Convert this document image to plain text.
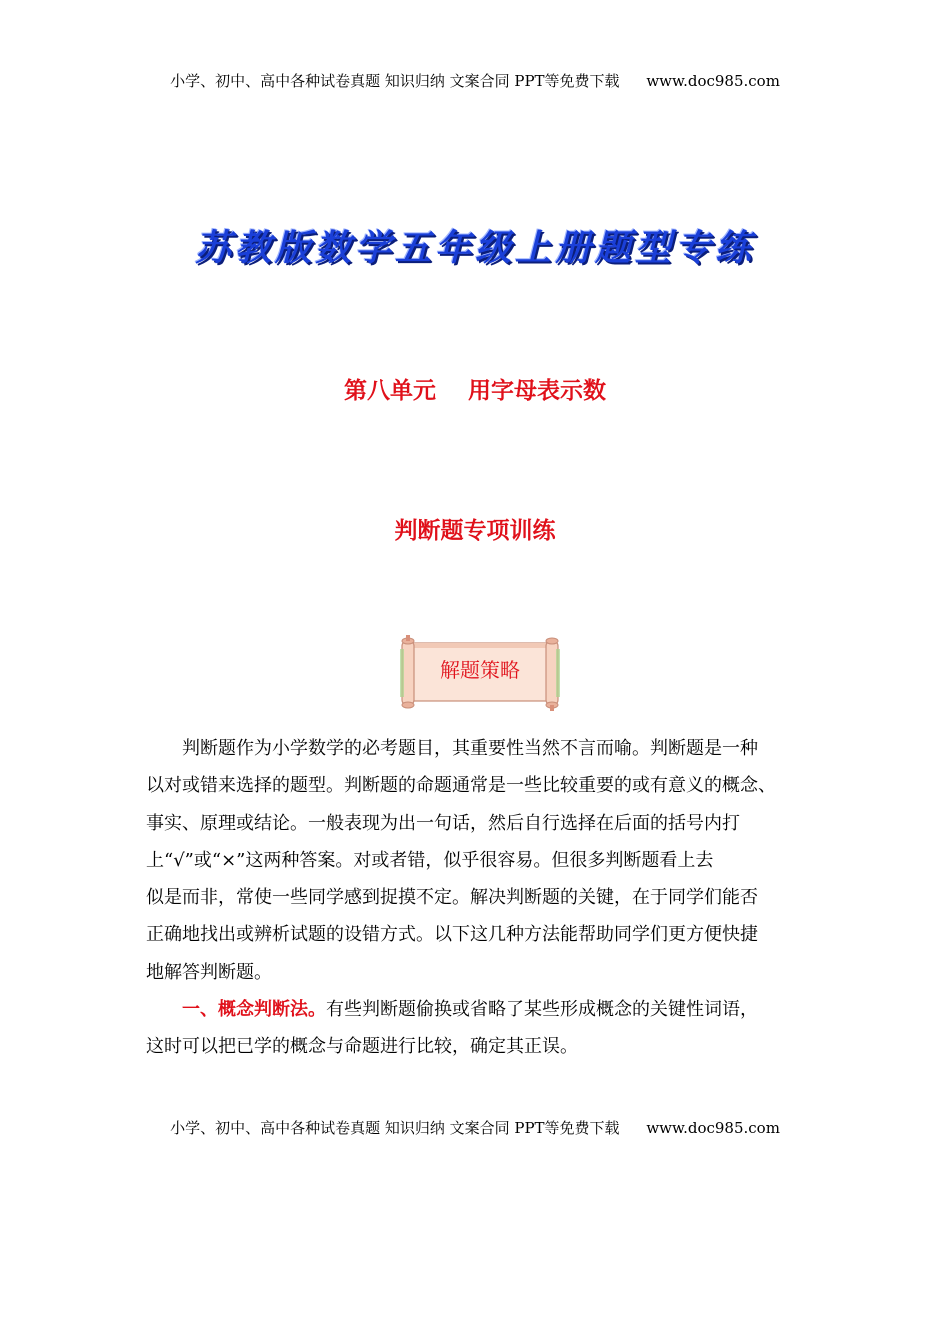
小学、初中、高中各种试卷真题 知识归纳 文案合同 PPT等免费下载 www.doc985.com
苏教版数学五年级上册题型专练
第八单元    用字母表示数
判断题专项训练
解题策略
判断题作为小学数学的必考题目，其重要性当然不言而喻。判断题是一种
以对或错来选择的题型。判断题的命题通常是一些比较重要的或有意义的概念、
事实、原理或结论。一般表现为出一句话，然后自行选择在后面的括号内打
上“√”或“×”这两种答案。对或者错，似乎很容易。但很多判断题看上去
似是而非，常使一些同学感到捉摸不定。解决判断题的关键，在于同学们能否
正确地找出或辨析试题的设错方式。以下这几种方法能帮助同学们更方便快捷
地解答判断题。
一、概念判断法。有些判断题偷换或省略了某些形成概念的关键性词语，
这时可以把已学的概念与命题进行比较，确定其正误。
小学、初中、高中各种试卷真题 知识归纳 文案合同 PPT等免费下载 www.doc985.com
